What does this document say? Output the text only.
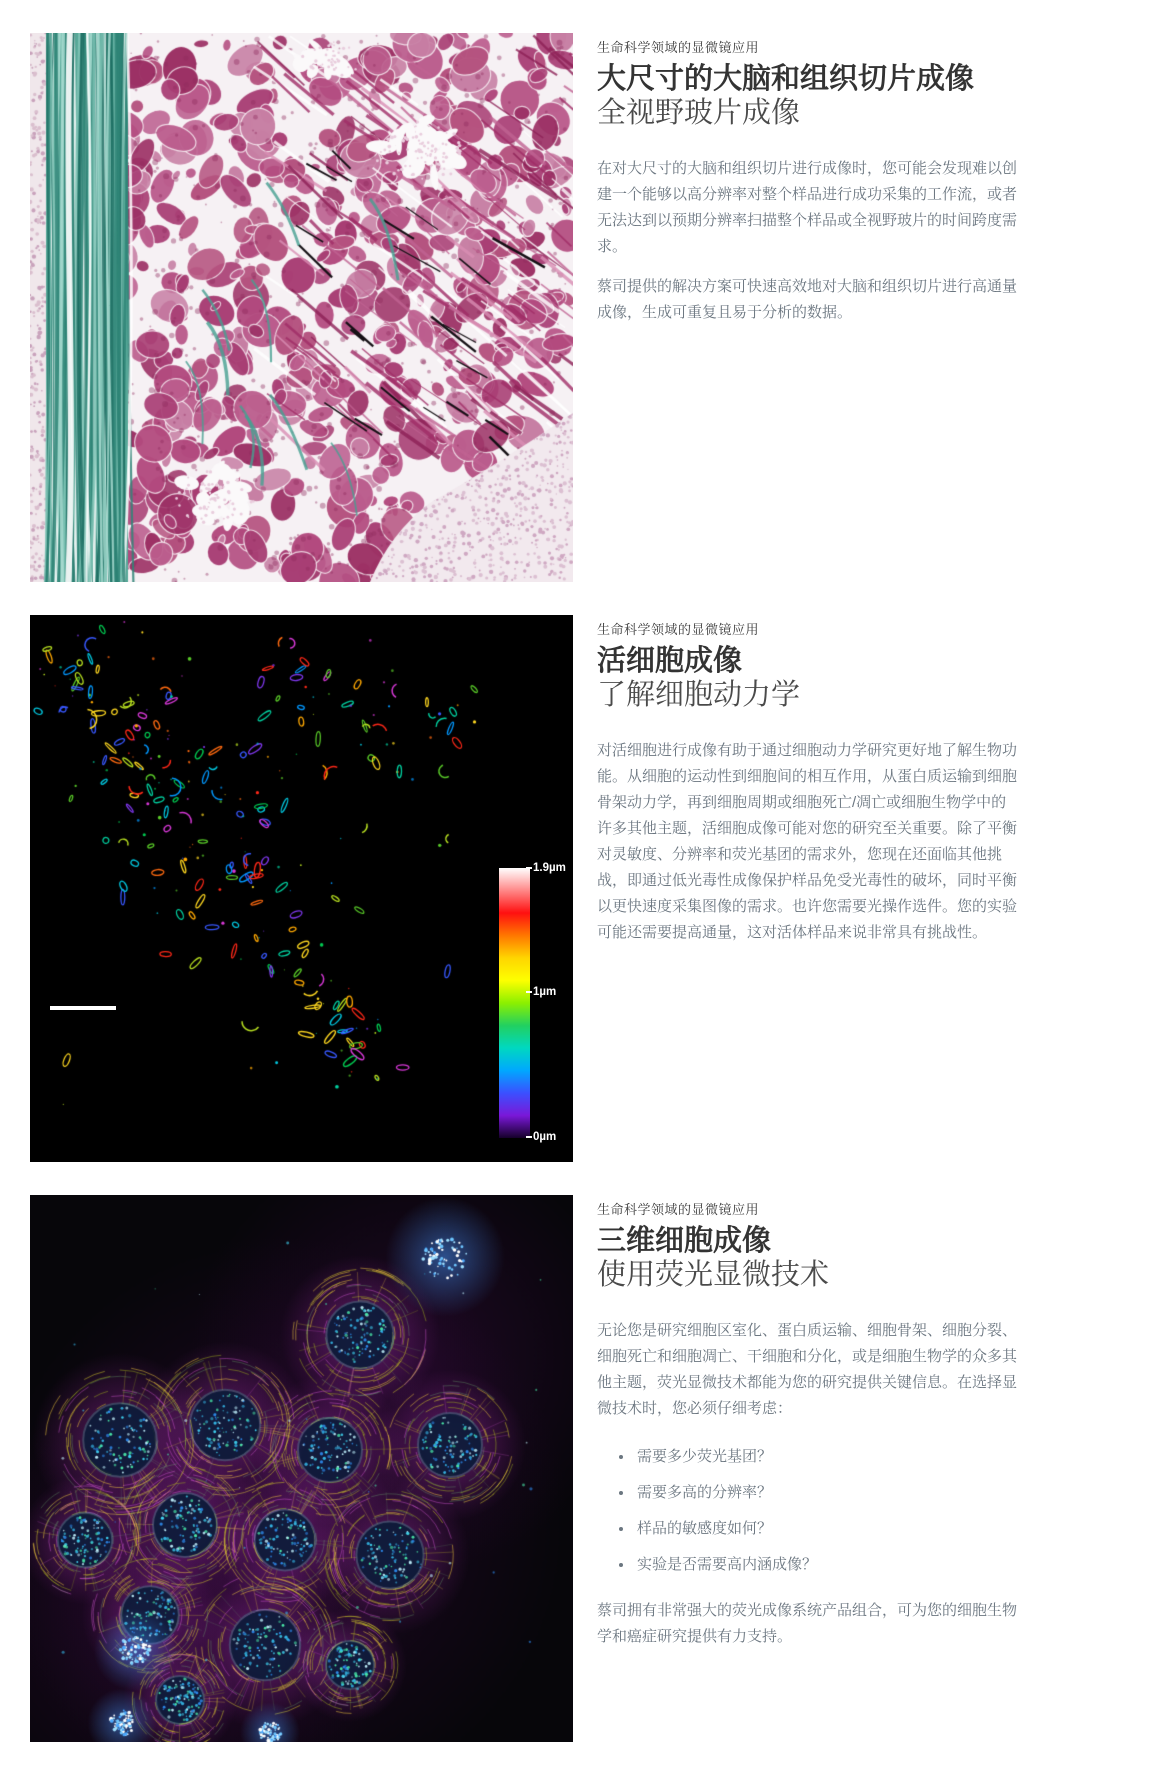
生命科学领域的显微镜应用

大尺寸的大脑和组织切片成像
全视野玻片成像

在对大尺寸的大脑和组织切片进行成像时，您可能会发现难以创建一个能够以高分辨率对整个样品进行成功采集的工作流，或者无法达到以预期分辨率扫描整个样品或全视野玻片的时间跨度需求。

蔡司提供的解决方案可快速高效地对大脑和组织切片进行高通量成像，生成可重复且易于分析的数据。

1.9µm
1µm
0µm

生命科学领域的显微镜应用

活细胞成像
了解细胞动力学

对活细胞进行成像有助于通过细胞动力学研究更好地了解生物功能。从细胞的运动性到细胞间的相互作用，从蛋白质运输到细胞骨架动力学，再到细胞周期或细胞死亡/凋亡或细胞生物学中的许多其他主题，活细胞成像可能对您的研究至关重要。除了平衡对灵敏度、分辨率和荧光基团的需求外，您现在还面临其他挑战，即通过低光毒性成像保护样品免受光毒性的破坏，同时平衡以更快速度采集图像的需求。也许您需要光操作选件。您的实验可能还需要提高通量，这对活体样品来说非常具有挑战性。

生命科学领域的显微镜应用

三维细胞成像
使用荧光显微技术

无论您是研究细胞区室化、蛋白质运输、细胞骨架、细胞分裂、细胞死亡和细胞凋亡、干细胞和分化，或是细胞生物学的众多其他主题，荧光显微技术都能为您的研究提供关键信息。在选择显微技术时，您必须仔细考虑：

需要多少荧光基团？
需要多高的分辨率？
样品的敏感度如何？
实验是否需要高内涵成像？

蔡司拥有非常强大的荧光成像系统产品组合，可为您的细胞生物学和癌症研究提供有力支持。
